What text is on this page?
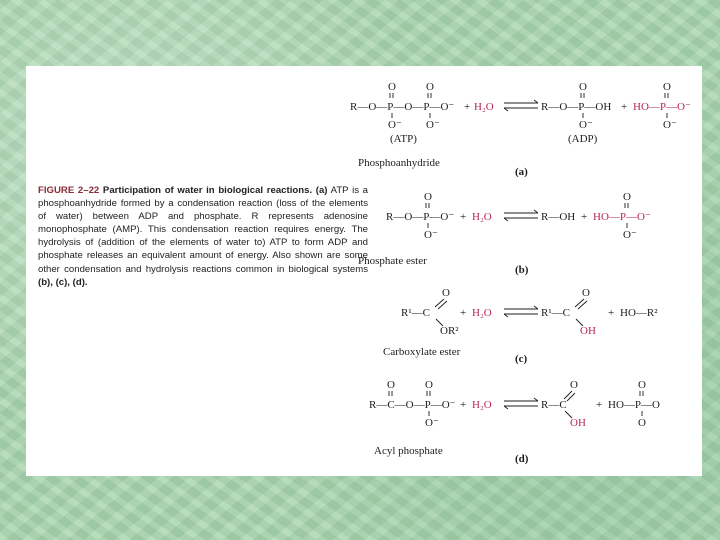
FIGURE 2–22 Participation of water in biological reactions. (a) ATP is a phosphoanhydride formed by a condensation reaction (loss of the elements of water) between ADP and phosphate. R represents adenosine monophosphate (AMP). This condensation reaction requires energy. The hydrolysis of (addition of the elements of water to) ATP to form ADP and phosphate releases an equivalent amount of energy. Also shown are some other condensation and hydrolysis reactions common in biological systems (b), (c), (d).
O	O
R—O—P—O—P—O⁻ + H₂O
O⁻ O⁻
(ATP)
O
R—O—P—OH
O⁻
(ADP)
+
O
HO—P—O⁻
O⁻
Phosphoanhydride
(a)
O
R—O—P—O⁻
O⁻
+ H₂O	R—OH +
O
HO—P—O⁻
O⁻
Phosphate ester
(b)
O
R¹—C
OR²
+ H₂O
O
R¹—C
OH
+ HO—R²
Carboxylate ester
(c)
O	O
R—C—O—P—O⁻
O⁻
+ H₂O
O
R—C
OH
+
O
HO—P—O
O
Acyl phosphate
(d)
